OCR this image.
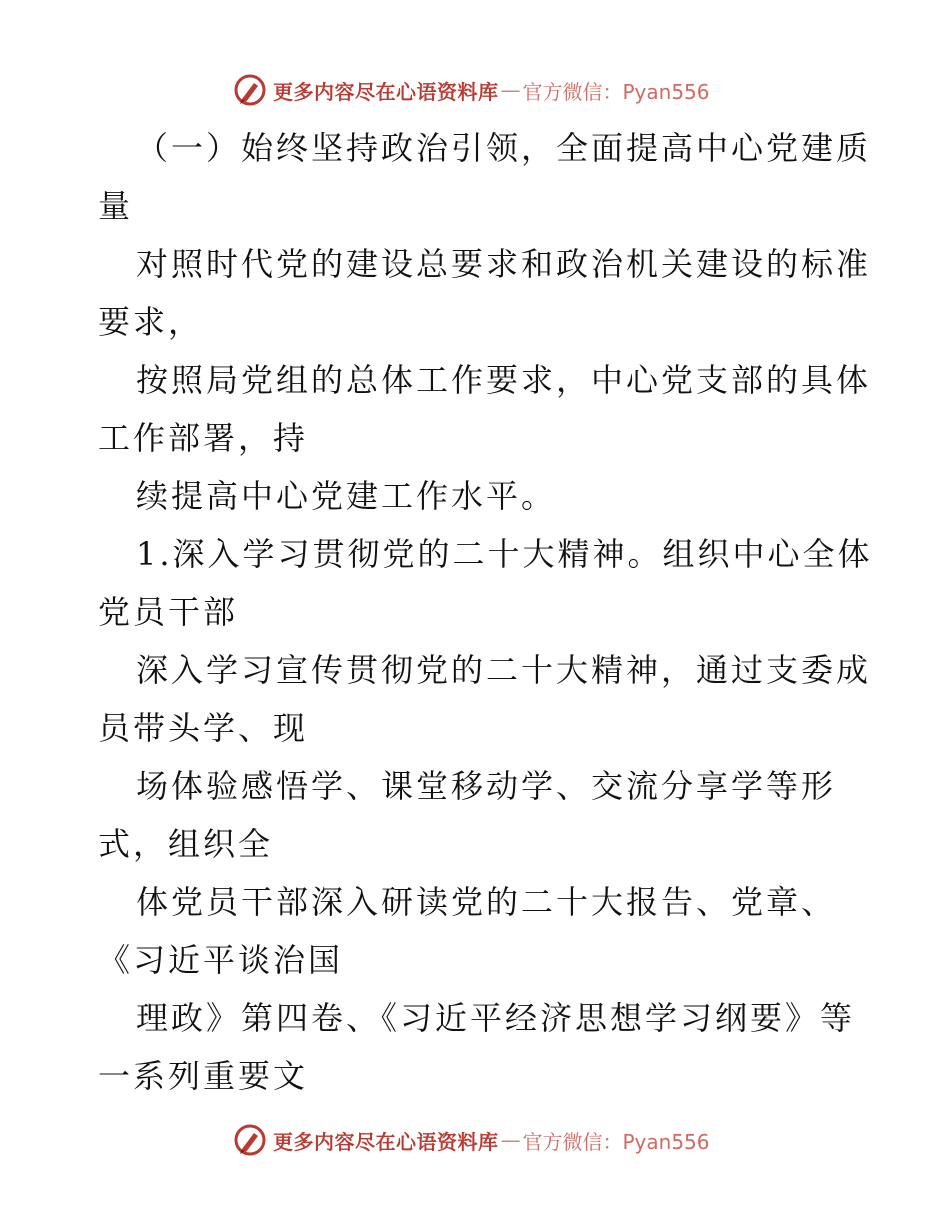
更多内容尽在心语资料库 — 官方微信：Pyan556

（一）始终坚持政治引领，全面提高中心党建质

量

对照时代党的建设总要求和政治机关建设的标准

要求，

按照局党组的总体工作要求，中心党支部的具体

工作部署，持

续提高中心党建工作水平。

1.深入学习贯彻党的二十大精神。组织中心全体

党员干部

深入学习宣传贯彻党的二十大精神，通过支委成

员带头学、现

场体验感悟学、课堂移动学、交流分享学等形

式，组织全

体党员干部深入研读党的二十大报告、党章、

《习近平谈治国

理政》第四卷、《习近平经济思想学习纲要》等

一系列重要文

更多内容尽在心语资料库 — 官方微信：Pyan556
